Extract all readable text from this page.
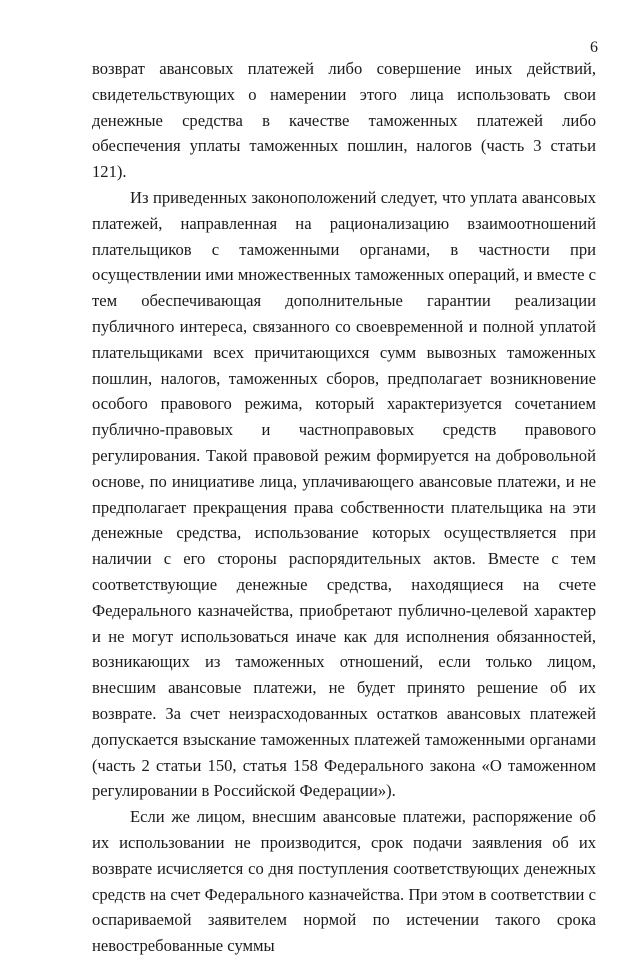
6

возврат авансовых платежей либо совершение иных действий, свидетельствующих о намерении этого лица использовать свои денежные средства в качестве таможенных платежей либо обеспечения уплаты таможенных пошлин, налогов (часть 3 статьи 121).

Из приведенных законоположений следует, что уплата авансовых платежей, направленная на рационализацию взаимоотношений плательщиков с таможенными органами, в частности при осуществлении ими множественных таможенных операций, и вместе с тем обеспечивающая дополнительные гарантии реализации публичного интереса, связанного со своевременной и полной уплатой плательщиками всех причитающихся сумм вывозных таможенных пошлин, налогов, таможенных сборов, предполагает возникновение особого правового режима, который характеризуется сочетанием публично-правовых и частноправовых средств правового регулирования. Такой правовой режим формируется на добровольной основе, по инициативе лица, уплачивающего авансовые платежи, и не предполагает прекращения права собственности плательщика на эти денежные средства, использование которых осуществляется при наличии с его стороны распорядительных актов. Вместе с тем соответствующие денежные средства, находящиеся на счете Федерального казначейства, приобретают публично-целевой характер и не могут использоваться иначе как для исполнения обязанностей, возникающих из таможенных отношений, если только лицом, внесшим авансовые платежи, не будет принято решение об их возврате. За счет неизрасходованных остатков авансовых платежей допускается взыскание таможенных платежей таможенными органами (часть 2 статьи 150, статья 158 Федерального закона «О таможенном регулировании в Российской Федерации»).

Если же лицом, внесшим авансовые платежи, распоряжение об их использовании не производится, срок подачи заявления об их возврате исчисляется со дня поступления соответствующих денежных средств на счет Федерального казначейства. При этом в соответствии с оспариваемой заявителем нормой по истечении такого срока невостребованные суммы
